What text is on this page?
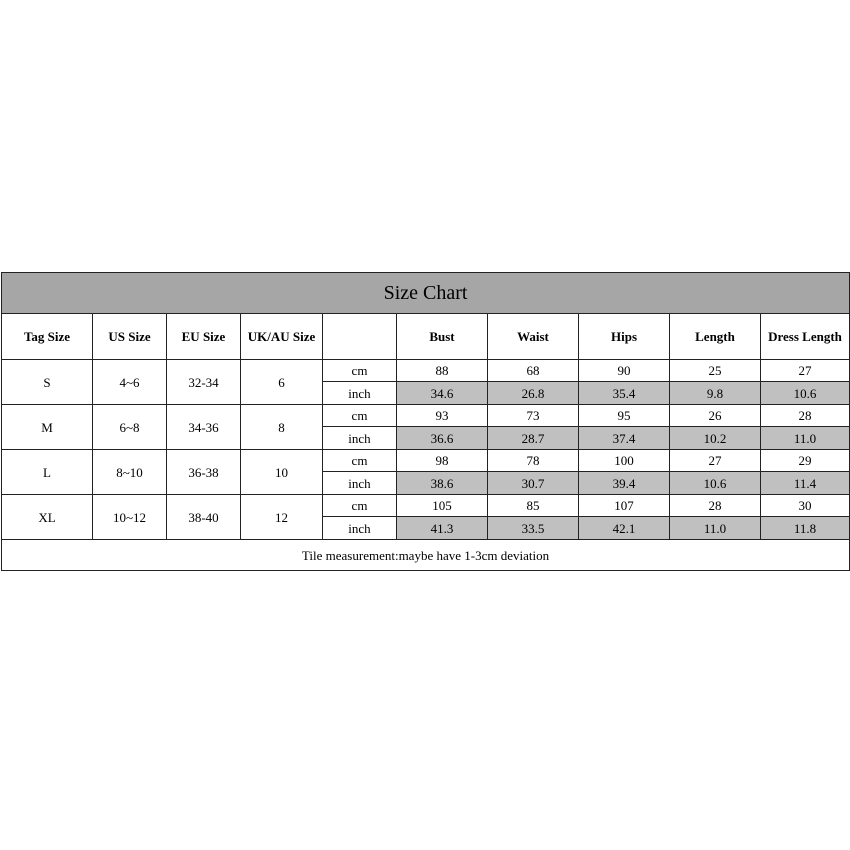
Size Chart									
Tag Size	US Size	EU Size	UK/AU Size		Bust	Waist	Hips	Length	Dress Length
S	4~6	32-34	6	cm	88	68	90	25	27
				inch	34.6	26.8	35.4	9.8	10.6
M	6~8	34-36	8	cm	93	73	95	26	28
				inch	36.6	28.7	37.4	10.2	11.0
L	8~10	36-38	10	cm	98	78	100	27	29
				inch	38.6	30.7	39.4	10.6	11.4
XL	10~12	38-40	12	cm	105	85	107	28	30
				inch	41.3	33.5	42.1	11.0	11.8
Tile measurement:maybe have 1-3cm deviation									
